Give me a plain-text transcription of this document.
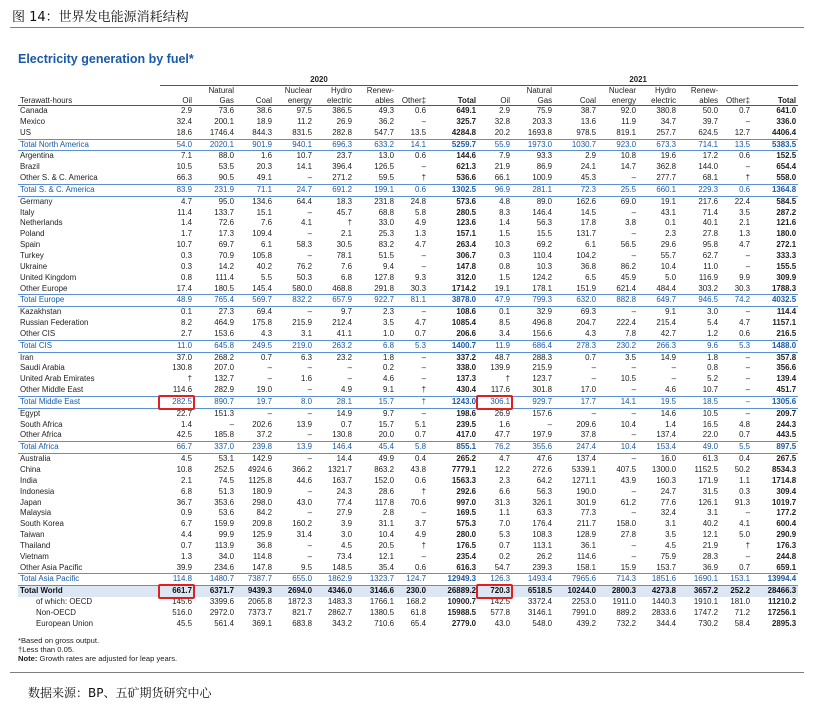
图 14：世界发电能源消耗结构
Electricity generation by fuel*
	2020								2021							
		Natural		Nuclear	Hydro	Renew-				Natural		Nuclear	Hydro	Renew-		
Terawatt-hours	Oil	Gas	Coal	energy	electric	ables	Other‡	Total	Oil	Gas	Coal	energy	electric	ables	Other‡	Total
Canada	2.9	73.6	38.6	97.5	386.5	49.3	0.6	649.1	2.9	75.9	38.7	92.0	380.8	50.0	0.7	641.0
Mexico	32.4	200.1	18.9	11.2	26.9	36.2	–	325.7	32.8	203.3	13.6	11.9	34.7	39.7	–	336.0
US	18.6	1746.4	844.3	831.5	282.8	547.7	13.5	4284.8	20.2	1693.8	978.5	819.1	257.7	624.5	12.7	4406.4
Total North America	54.0	2020.1	901.9	940.1	696.3	633.2	14.1	5259.7	55.9	1973.0	1030.7	923.0	673.3	714.1	13.5	5383.5
Argentina	7.1	88.0	1.6	10.7	23.7	13.0	0.6	144.6	7.9	93.3	2.9	10.8	19.6	17.2	0.6	152.5
Brazil	10.5	53.5	20.3	14.1	396.4	126.5	–	621.3	21.9	86.9	24.1	14.7	362.8	144.0	–	654.4
Other S. & C. America	66.3	90.5	49.1	–	271.2	59.5	†	536.6	66.1	100.9	45.3	–	277.7	68.1	†	558.0
Total S. & C. America	83.9	231.9	71.1	24.7	691.2	199.1	0.6	1302.5	96.9	281.1	72.3	25.5	660.1	229.3	0.6	1364.8
Germany	4.7	95.0	134.6	64.4	18.3	231.8	24.8	573.6	4.8	89.0	162.6	69.0	19.1	217.6	22.4	584.5
Italy	11.4	133.7	15.1	–	45.7	68.8	5.8	280.5	8.3	146.4	14.5	–	43.1	71.4	3.5	287.2
Netherlands	1.4	72.6	7.6	4.1	†	33.0	4.9	123.6	1.4	56.3	17.8	3.8	0.1	40.1	2.1	121.6
Poland	1.7	17.3	109.4	–	2.1	25.3	1.3	157.1	1.5	15.5	131.7	–	2.3	27.8	1.3	180.0
Spain	10.7	69.7	6.1	58.3	30.5	83.2	4.7	263.4	10.3	69.2	6.1	56.5	29.6	95.8	4.7	272.1
Turkey	0.3	70.9	105.8	–	78.1	51.5	–	306.7	0.3	110.4	104.2	–	55.7	62.7	–	333.3
Ukraine	0.3	14.2	40.2	76.2	7.6	9.4	–	147.8	0.8	10.3	36.8	86.2	10.4	11.0	–	155.5
United Kingdom	0.8	111.4	5.5	50.3	6.8	127.8	9.3	312.0	1.5	124.2	6.5	45.9	5.0	116.9	9.9	309.9
Other Europe	17.4	180.5	145.4	580.0	468.8	291.8	30.3	1714.2	19.1	178.1	151.9	621.4	484.4	303.2	30.3	1788.3
Total Europe	48.9	765.4	569.7	832.2	657.9	922.7	81.1	3878.0	47.9	799.3	632.0	882.8	649.7	946.5	74.2	4032.5
Kazakhstan	0.1	27.3	69.4	–	9.7	2.3	–	108.6	0.1	32.9	69.3	–	9.1	3.0	–	114.4
Russian Federation	8.2	464.9	175.8	215.9	212.4	3.5	4.7	1085.4	8.5	496.8	204.7	222.4	215.4	5.4	4.7	1157.1
Other CIS	2.7	153.6	4.3	3.1	41.1	1.0	0.7	206.6	3.4	156.6	4.3	7.8	42.7	1.2	0.6	216.5
Total CIS	11.0	645.8	249.5	219.0	263.2	6.8	5.3	1400.7	11.9	686.4	278.3	230.2	266.3	9.6	5.3	1488.0
Iran	37.0	268.2	0.7	6.3	23.2	1.8	–	337.2	48.7	288.3	0.7	3.5	14.9	1.8	–	357.8
Saudi Arabia	130.8	207.0	–	–	–	0.2	–	338.0	139.9	215.9	–	–	–	0.8	–	356.6
United Arab Emirates	†	132.7	–	1.6	–	4.6	–	137.3	†	123.7	–	10.5	–	5.2	–	139.4
Other Middle East	114.6	282.9	19.0	–	4.9	9.1	†	430.4	117.6	301.8	17.0	–	4.6	10.7	–	451.7
Total Middle East	282.5	890.7	19.7	8.0	28.1	15.7	†	1243.0	306.1	929.7	17.7	14.1	19.5	18.5	–	1305.6
Egypt	22.7	151.3	–	–	14.9	9.7	–	198.6	26.9	157.6	–	–	14.6	10.5	–	209.7
South Africa	1.4	–	202.6	13.9	0.7	15.7	5.1	239.5	1.6	–	209.6	10.4	1.4	16.5	4.8	244.3
Other Africa	42.5	185.8	37.2	–	130.8	20.0	0.7	417.0	47.7	197.9	37.8	–	137.4	22.0	0.7	443.5
Total Africa	66.7	337.0	239.8	13.9	146.4	45.4	5.8	855.1	76.2	355.6	247.4	10.4	153.4	49.0	5.5	897.5
Australia	4.5	53.1	142.9	–	14.4	49.9	0.4	265.2	4.7	47.6	137.4	–	16.0	61.3	0.4	267.5
China	10.8	252.5	4924.6	366.2	1321.7	863.2	43.8	7779.1	12.2	272.6	5339.1	407.5	1300.0	1152.5	50.2	8534.3
India	2.1	74.5	1125.8	44.6	163.7	152.0	0.6	1563.3	2.3	64.2	1271.1	43.9	160.3	171.9	1.1	1714.8
Indonesia	6.8	51.3	180.9	–	24.3	28.6	†	292.6	6.6	56.3	190.0	–	24.7	31.5	0.3	309.4
Japan	36.7	353.6	298.0	43.0	77.4	117.8	70.6	997.0	31.3	326.1	301.9	61.2	77.6	126.1	91.3	1019.7
Malaysia	0.9	53.6	84.2	–	27.9	2.8	–	169.5	1.1	63.3	77.3	–	32.4	3.1	–	177.2
South Korea	6.7	159.9	209.8	160.2	3.9	31.1	3.7	575.3	7.0	176.4	211.7	158.0	3.1	40.2	4.1	600.4
Taiwan	4.4	99.9	125.9	31.4	3.0	10.4	4.9	280.0	5.3	108.3	128.9	27.8	3.5	12.1	5.0	290.9
Thailand	0.7	113.9	36.8	–	4.5	20.5	†	176.5	0.7	113.1	36.1	–	4.5	21.9	†	176.3
Vietnam	1.3	34.0	114.8	–	73.4	12.1	–	235.4	0.2	26.2	114.6	–	75.9	28.3	–	244.8
Other Asia Pacific	39.9	234.6	147.8	9.5	148.5	35.4	0.6	616.3	54.7	239.3	158.1	15.9	153.7	36.9	0.7	659.1
Total Asia Pacific	114.8	1480.7	7387.7	655.0	1862.9	1323.7	124.7	12949.3	126.3	1493.4	7965.6	714.3	1851.6	1690.1	153.1	13994.4
Total World	661.7	6371.7	9439.3	2694.0	4346.0	3146.6	230.0	26889.2	720.3	6518.5	10244.0	2800.3	4273.8	3657.2	252.2	28466.3
of which: OECD	145.6	3399.6	2065.8	1872.3	1483.3	1766.1	168.2	10900.7	142.5	3372.4	2253.0	1911.0	1440.3	1910.1	181.0	11210.2
Non-OECD	516.0	2972.0	7373.7	821.7	2862.7	1380.5	61.8	15988.5	577.8	3146.1	7991.0	889.2	2833.6	1747.2	71.2	17256.1
European Union	45.5	561.4	369.1	683.8	343.2	710.6	65.4	2779.0	43.0	548.0	439.2	732.2	344.4	730.2	58.4	2895.3
*Based on gross output.
†Less than 0.05.
Note: Growth rates are adjusted for leap years.
数据来源：BP、五矿期货研究中心
